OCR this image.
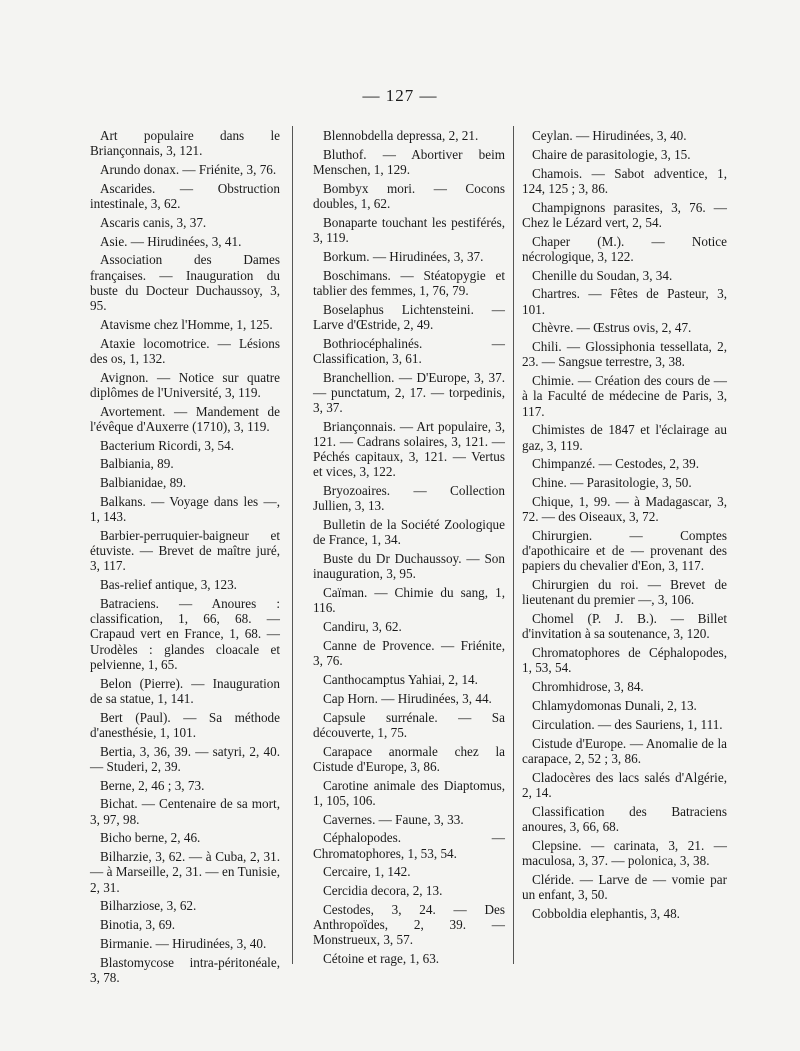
— 127 —

Art populaire dans le Briançonnais, 3, 121.

Arundo donax. — Friénite, 3, 76.

Ascarides. — Obstruction intestinale, 3, 62.

Ascaris canis, 3, 37.

Asie. — Hirudinées, 3, 41.

Association des Dames françaises. — Inauguration du buste du Docteur Duchaussoy, 3, 95.

Atavisme chez l'Homme, 1, 125.

Ataxie locomotrice. — Lésions des os, 1, 132.

Avignon. — Notice sur quatre diplômes de l'Université, 3, 119.

Avortement. — Mandement de l'évêque d'Auxerre (1710), 3, 119.

Bacterium Ricordi, 3, 54.

Balbiania, 89.

Balbianidae, 89.

Balkans. — Voyage dans les —, 1, 143.

Barbier-perruquier-baigneur et étuviste. — Brevet de maître juré, 3, 117.

Bas-relief antique, 3, 123.

Batraciens. — Anoures : classification, 1, 66, 68. — Crapaud vert en France, 1, 68. — Urodèles : glandes cloacale et pelvienne, 1, 65.

Belon (Pierre). — Inauguration de sa statue, 1, 141.

Bert (Paul). — Sa méthode d'anesthésie, 1, 101.

Bertia, 3, 36, 39. — satyri, 2, 40. — Studeri, 2, 39.

Berne, 2, 46 ; 3, 73.

Bichat. — Centenaire de sa mort, 3, 97, 98.

Bicho berne, 2, 46.

Bilharzie, 3, 62. — à Cuba, 2, 31. — à Marseille, 2, 31. — en Tunisie, 2, 31.

Bilharziose, 3, 62.

Binotia, 3, 69.

Birmanie. — Hirudinées, 3, 40.

Blastomycose intra-péritonéale, 3, 78.

Blennobdella depressa, 2, 21.

Bluthof. — Abortiver beim Menschen, 1, 129.

Bombyx mori. — Cocons doubles, 1, 62.

Bonaparte touchant les pestiférés, 3, 119.

Borkum. — Hirudinées, 3, 37.

Boschimans. — Stéatopygie et tablier des femmes, 1, 76, 79.

Boselaphus Lichtensteini. — Larve d'Œstride, 2, 49.

Bothriocéphalinés. — Classification, 3, 61.

Branchellion. — D'Europe, 3, 37. — punctatum, 2, 17. — torpedinis, 3, 37.

Briançonnais. — Art populaire, 3, 121. — Cadrans solaires, 3, 121. — Péchés capitaux, 3, 121. — Vertus et vices, 3, 122.

Bryozoaires. — Collection Jullien, 3, 13.

Bulletin de la Société Zoologique de France, 1, 34.

Buste du Dr Duchaussoy. — Son inauguration, 3, 95.

Caïman. — Chimie du sang, 1, 116.

Candiru, 3, 62.

Canne de Provence. — Friénite, 3, 76.

Canthocamptus Yahiai, 2, 14.

Cap Horn. — Hirudinées, 3, 44.

Capsule surrénale. — Sa découverte, 1, 75.

Carapace anormale chez la Cistude d'Europe, 3, 86.

Carotine animale des Diaptomus, 1, 105, 106.

Cavernes. — Faune, 3, 33.

Céphalopodes. — Chromatophores, 1, 53, 54.

Cercaire, 1, 142.

Cercidia decora, 2, 13.

Cestodes, 3, 24. — Des Anthropoïdes, 2, 39. — Monstrueux, 3, 57.

Cétoine et rage, 1, 63.

Ceylan. — Hirudinées, 3, 40.

Chaire de parasitologie, 3, 15.

Chamois. — Sabot adventice, 1, 124, 125 ; 3, 86.

Champignons parasites, 3, 76. — Chez le Lézard vert, 2, 54.

Chaper (M.). — Notice nécrologique, 3, 122.

Chenille du Soudan, 3, 34.

Chartres. — Fêtes de Pasteur, 3, 101.

Chèvre. — Œstrus ovis, 2, 47.

Chili. — Glossiphonia tessellata, 2, 23. — Sangsue terrestre, 3, 38.

Chimie. — Création des cours de — à la Faculté de médecine de Paris, 3, 117.

Chimistes de 1847 et l'éclairage au gaz, 3, 119.

Chimpanzé. — Cestodes, 2, 39.

Chine. — Parasitologie, 3, 50.

Chique, 1, 99. — à Madagascar, 3, 72. — des Oiseaux, 3, 72.

Chirurgien. — Comptes d'apothicaire et de — provenant des papiers du chevalier d'Eon, 3, 117.

Chirurgien du roi. — Brevet de lieutenant du premier —, 3, 106.

Chomel (P. J. B.). — Billet d'invitation à sa soutenance, 3, 120.

Chromatophores de Céphalopodes, 1, 53, 54.

Chromhidrose, 3, 84.

Chlamydomonas Dunali, 2, 13.

Circulation. — des Sauriens, 1, 111.

Cistude d'Europe. — Anomalie de la carapace, 2, 52 ; 3, 86.

Cladocères des lacs salés d'Algérie, 2, 14.

Classification des Batraciens anoures, 3, 66, 68.

Clepsine. — carinata, 3, 21. — maculosa, 3, 37. — polonica, 3, 38.

Cléride. — Larve de — vomie par un enfant, 3, 50.

Cobboldia elephantis, 3, 48.
